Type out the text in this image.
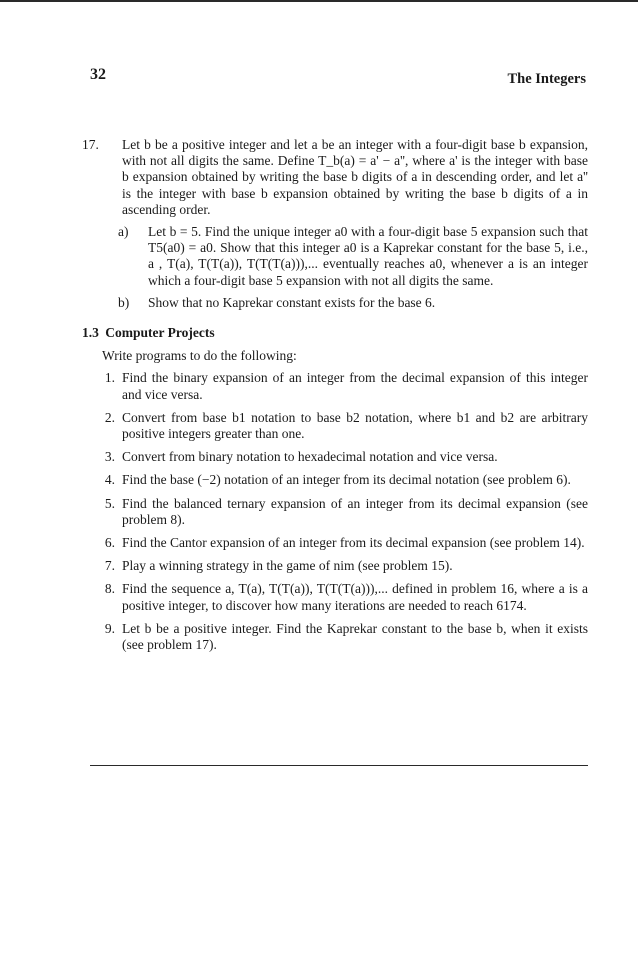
32	The Integers
17. Let b be a positive integer and let a be an integer with a four-digit base b expansion, with not all digits the same. Define T_b(a) = a' − a'', where a' is the integer with base b expansion obtained by writing the base b digits of a in descending order, and let a'' is the integer with base b expansion obtained by writing the base b digits of a in ascending order.
a) Let b = 5. Find the unique integer a0 with a four-digit base 5 expansion such that T5(a0) = a0. Show that this integer a0 is a Kaprekar constant for the base 5, i.e., a , T(a), T(T(a)), T(T(T(a))),... eventually reaches a0, whenever a is an integer which a four-digit base 5 expansion with not all digits the same.
b) Show that no Kaprekar constant exists for the base 6.
1.3 Computer Projects
Write programs to do the following:
1. Find the binary expansion of an integer from the decimal expansion of this integer and vice versa.
2. Convert from base b1 notation to base b2 notation, where b1 and b2 are arbitrary positive integers greater than one.
3. Convert from binary notation to hexadecimal notation and vice versa.
4. Find the base (−2) notation of an integer from its decimal notation (see problem 6).
5. Find the balanced ternary expansion of an integer from its decimal expansion (see problem 8).
6. Find the Cantor expansion of an integer from its decimal expansion (see problem 14).
7. Play a winning strategy in the game of nim (see problem 15).
8. Find the sequence a, T(a), T(T(a)), T(T(T(a))),... defined in problem 16, where a is a positive integer, to discover how many iterations are needed to reach 6174.
9. Let b be a positive integer. Find the Kaprekar constant to the base b, when it exists (see problem 17).
